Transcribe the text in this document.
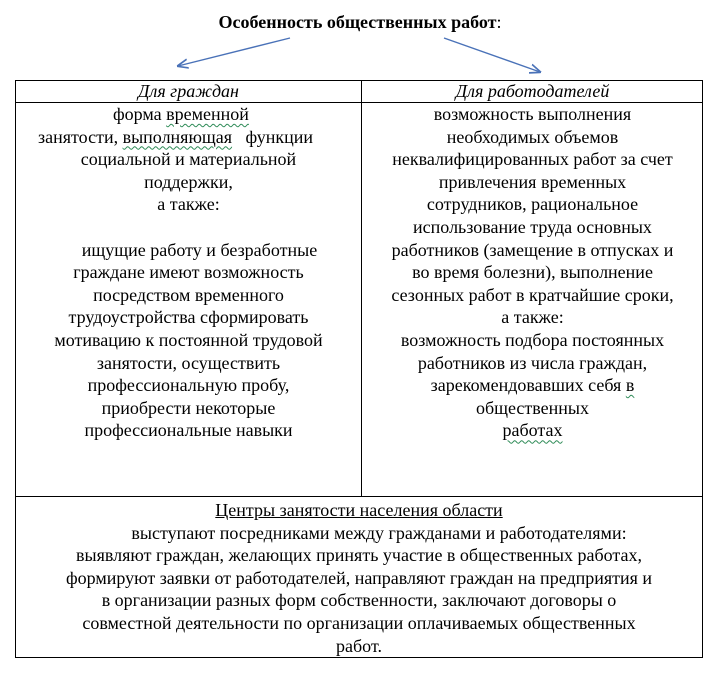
Особенность общественных работ:
Для граждан	Для работодателей
форма временной
занятости, выполняющая   функции
социальной и материальной
поддержки,
а также:

ищущие работу и безработные
граждане имеют возможность
посредством временного
трудоустройства сформировать
мотивацию к постоянной трудовой
занятости, осуществить
профессиональную пробу,
приобрести некоторые
профессиональные навыки
возможность выполнения
необходимых объемов
неквалифицированных работ за счет
привлечения временных
сотрудников, рациональное
использование труда основных
работников (замещение в отпусках и
во время болезни), выполнение
сезонных работ в кратчайшие сроки,
а также:
возможность подбора постоянных
работников из числа граждан,
зарекомендовавших себя в
общественных
работах
Центры занятости населения области
выступают посредниками между гражданами и работодателями:
выявляют граждан, желающих принять участие в общественных работах,
формируют заявки от работодателей, направляют граждан на предприятия и
в организации разных форм собственности, заключают договоры о
совместной деятельности по организации оплачиваемых общественных
работ.
